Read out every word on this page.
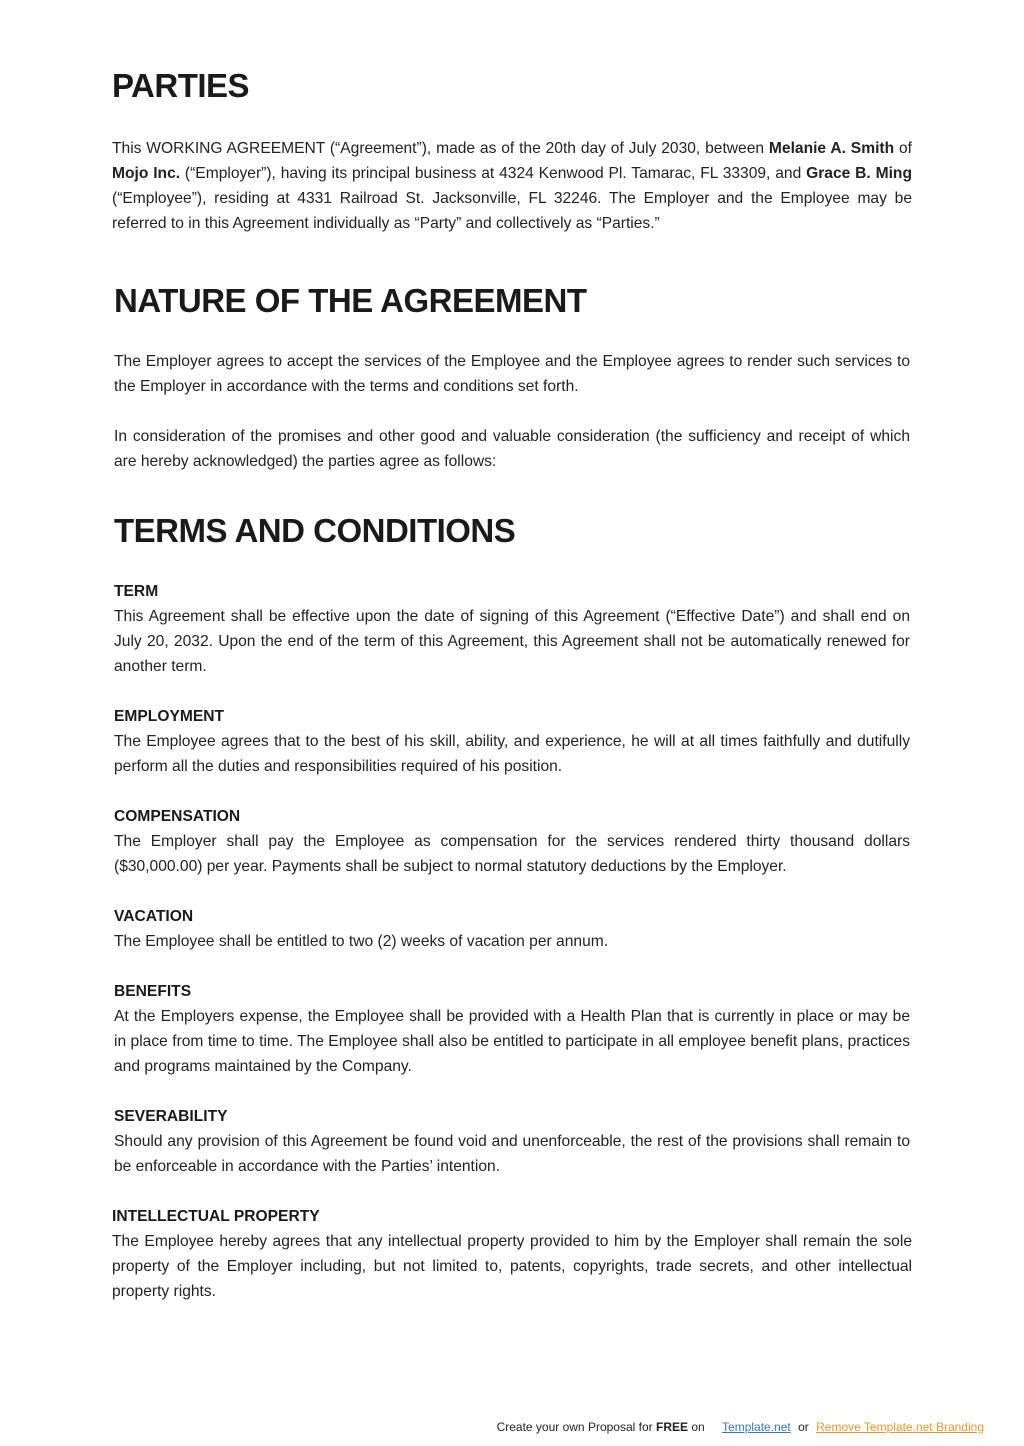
PARTIES

This WORKING AGREEMENT (“Agreement”), made as of the 20th day of July 2030, between Melanie A. Smith of Mojo Inc. (“Employer”), having its principal business at 4324 Kenwood Pl. Tamarac, FL 33309, and Grace B. Ming (“Employee”), residing at 4331 Railroad St. Jacksonville, FL 32246. The Employer and the Employee may be referred to in this Agreement individually as “Party” and collectively as “Parties.”

NATURE OF THE AGREEMENT

The Employer agrees to accept the services of the Employee and the Employee agrees to render such services to the Employer in accordance with the terms and conditions set forth.

In consideration of the promises and other good and valuable consideration (the sufficiency and receipt of which are hereby acknowledged) the parties agree as follows:

TERMS AND CONDITIONS
TERM

This Agreement shall be effective upon the date of signing of this Agreement (“Effective Date”) and shall end on July 20, 2032. Upon the end of the term of this Agreement, this Agreement shall not be automatically renewed for another term.

EMPLOYMENT

The Employee agrees that to the best of his skill, ability, and experience, he will at all times faithfully and dutifully perform all the duties and responsibilities required of his position.

COMPENSATION

The Employer shall pay the Employee as compensation for the services rendered thirty thousand dollars ($30,000.00) per year. Payments shall be subject to normal statutory deductions by the Employer.

VACATION

The Employee shall be entitled to two (2) weeks of vacation per annum.

BENEFITS

At the Employers expense, the Employee shall be provided with a Health Plan that is currently in place or may be in place from time to time. The Employee shall also be entitled to participate in all employee benefit plans, practices and programs maintained by the Company.

SEVERABILITY

Should any provision of this Agreement be found void and unenforceable, the rest of the provisions shall remain to be enforceable in accordance with the Parties’ intention.

INTELLECTUAL PROPERTY

The Employee hereby agrees that any intellectual property provided to him by the Employer shall remain the sole property of the Employer including, but not limited to, patents, copyrights, trade secrets, and other intellectual property rights.

Create your own Proposal for FREE on Template.net or Remove Template.net Branding
